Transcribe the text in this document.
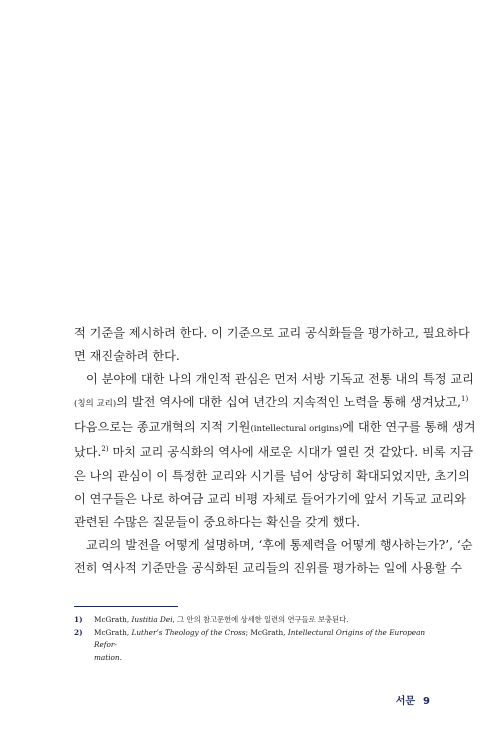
적 기준을 제시하려 한다. 이 기준으로 교리 공식화들을 평가하고, 필요하다
면 재진술하려 한다.
이 분야에 대한 나의 개인적 관심은 먼저 서방 기독교 전통 내의 특정 교리
(칭의 교리)의 발전 역사에 대한 십여 년간의 지속적인 노력을 통해 생겨났고,$^{1)}$
다음으로는 종교개혁의 지적 기원(intellectural origins)에 대한 연구를 통해 생겨
났다.$^{2)}$ 마치 교리 공식화의 역사에 새로운 시대가 열린 것 같았다. 비록 지금
은 나의 관심이 이 특정한 교리와 시기를 넘어 상당히 확대되었지만, 초기의
이 연구들은 나로 하여금 교리 비평 자체로 들어가기에 앞서 기독교 교리와
관련된 수많은 질문들이 중요하다는 확신을 갖게 했다.
교리의 발전을 어떻게 설명하며, ‘후에 통제력을 어떻게 행사하는가?’, ‘순
전히 역사적 기준만을 공식화된 교리들의 진위를 평가하는 일에 사용할 수
1)	McGrath, Iustitia Dei, 그 안의 참고문헌에 상세한 일련의 연구들로 보충된다.
2)	McGrath, Luther’s Theology of the Cross; McGrath, Intellectural Origins of the European Refor-
mation.
서문 9
